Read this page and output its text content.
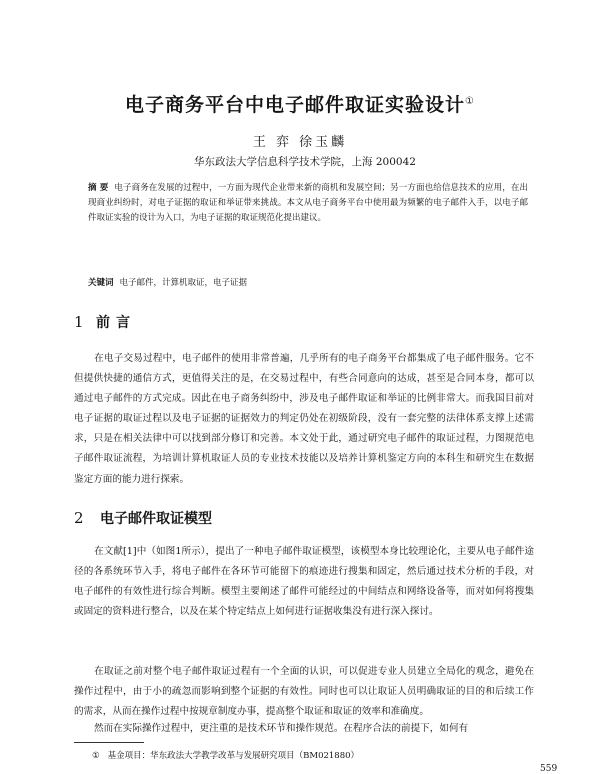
电子商务平台中电子邮件取证实验设计①
王 弈 徐玉麟
华东政法大学信息科学技术学院，上海 200042
摘 要 电子商务在发展的过程中，一方面为现代企业带来新的商机和发展空间；另一方面也给信息技术的应用，在出现商业纠纷时，对电子证据的取证和举证带来挑战。本文从电子商务平台中使用最为频繁的电子邮件入手，以电子邮件取证实验的设计为入口，为电子证据的取证规范化提出建议。
关键词 电子邮件，计算机取证，电子证据
1 前言
在电子交易过程中，电子邮件的使用非常普遍，几乎所有的电子商务平台都集成了电子邮件服务。它不但提供快捷的通信方式，更值得关注的是，在交易过程中，有些合同意向的达成，甚至是合同本身，都可以通过电子邮件的方式完成。因此在电子商务纠纷中，涉及电子邮件取证和举证的比例非常大。而我国目前对电子证据的取证过程以及电子证据的证据效力的判定仍处在初级阶段，没有一套完整的法律体系支撑上述需求，只是在相关法律中可以找到部分修订和完善。本文处于此，通过研究电子邮件的取证过程，力图规范电子邮件取证流程，为培训计算机取证人员的专业技术技能以及培养计算机鉴定方向的本科生和研究生在数据鉴定方面的能力进行探索。
2 电子邮件取证模型
在文献[1]中（如图1所示），提出了一种电子邮件取证模型，该模型本身比较理论化，主要从电子邮件途径的各系统环节入手，将电子邮件在各环节可能留下的痕迹进行搜集和固定，然后通过技术分析的手段，对电子邮件的有效性进行综合判断。模型主要阐述了邮件可能经过的中间结点和网络设备等，而对如何将搜集或固定的资料进行整合，以及在某个特定结点上如何进行证据收集没有进行深入探讨。
在取证之前对整个电子邮件取证过程有一个全面的认识，可以促进专业人员建立全局化的观念，避免在操作过程中，由于小的疏忽而影响到整个证据的有效性。同时也可以让取证人员明确取证的目的和后续工作的需求，从而在操作过程中按规章制度办事，提高整个取证和取证的效率和准确度。
然而在实际操作过程中，更注重的是技术环节和操作规范。在程序合法的前提下，如何有
① 基金项目：华东政法大学教学改革与发展研究项目（BM021880）
559
